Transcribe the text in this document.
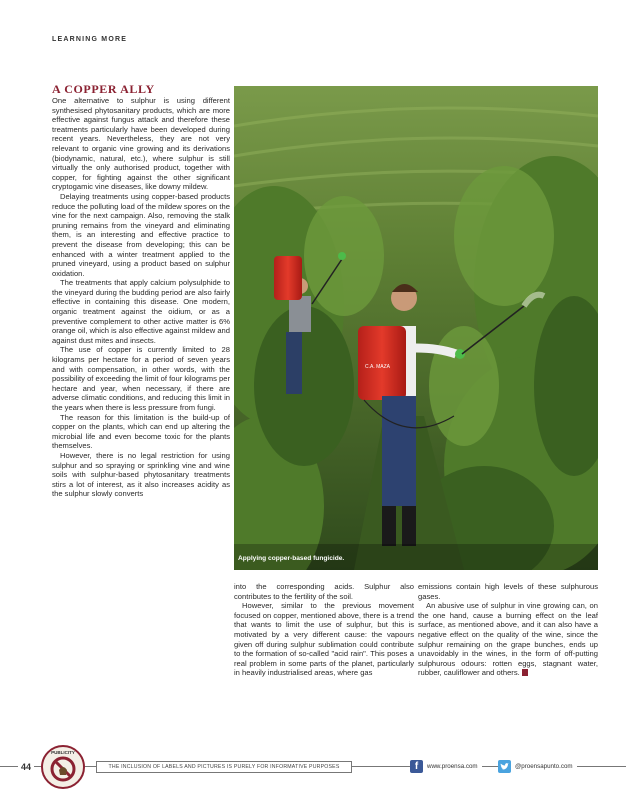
LEARNING MORE
A COPPER ALLY

One alternative to sulphur is using different synthesised phytosanitary products, which are more effective against fungus attack and therefore these treatments particularly have been developed during recent years. Nevertheless, they are not very relevant to organic vine growing and its derivations (biodynamic, natural, etc.), where sulphur is still virtually the only authorised product, together with copper, for fighting against the other significant cryptogamic vine diseases, like downy mildew.

Delaying treatments using copper-based products reduce the polluting load of the mildew spores on the vine for the next campaign. Also, removing the stalk pruning remains from the vineyard and eliminating them, is an interesting and effective practice to prevent the disease from developing; this can be enhanced with a winter treatment applied to the pruned vineyard, using a product based on sulphur oxidation.

The treatments that apply calcium polysulphide to the vineyard during the budding period are also fairly effective in containing this disease. One modern, organic treatment against the oidium, or as a preventive complement to other active matter is 6% orange oil, which is also effective against mildew and against dust mites and insects.

The use of copper is currently limited to 28 kilograms per hectare for a period of seven years and with compensation, in other words, with the possibility of exceeding the limit of four kilograms per hectare and year, when necessary, if there are adverse climatic conditions, and reducing this limit in the years when there is less pressure from fungi.

The reason for this limitation is the build-up of copper on the plants, which can end up altering the microbial life and even become toxic for the plants themselves.

However, there is no legal restriction for using sulphur and so spraying or sprinkling vine and wine soils with sulphur-based phytosanitary treatments stirs a lot of interest, as it also increases acidity as the sulphur slowly converts

C.A. MAZA
Applying copper-based fungicide.

into the corresponding acids. Sulphur also contributes to the fertility of the soil.

However, similar to the previous movement focused on copper, mentioned above, there is a trend that wants to limit the use of sulphur, but this is motivated by a very different cause: the vapours given off during sulphur sublimation could contribute to the formation of so-called "acid rain". This poses a real problem in some parts of the planet, particularly in heavily industrialised areas, where gas

emissions contain high levels of these sulphurous gases.

An abusive use of sulphur in vine growing can, on the one hand, cause a burning effect on the leaf surface, as mentioned above, and it can also have a negative effect on the quality of the wine, since the sulphur remaining on the grape bunches, ends up unavoidably in the wines, in the form of off-putting sulphurous odours: rotten eggs, stagnant water, rubber, cauliflower and others.

44
PUBLICITY
THE INCLUSION OF LABELS AND PICTURES IS PURELY FOR INFORMATIVE PURPOSES	f	www.proensa.com	@proensapunto.com
